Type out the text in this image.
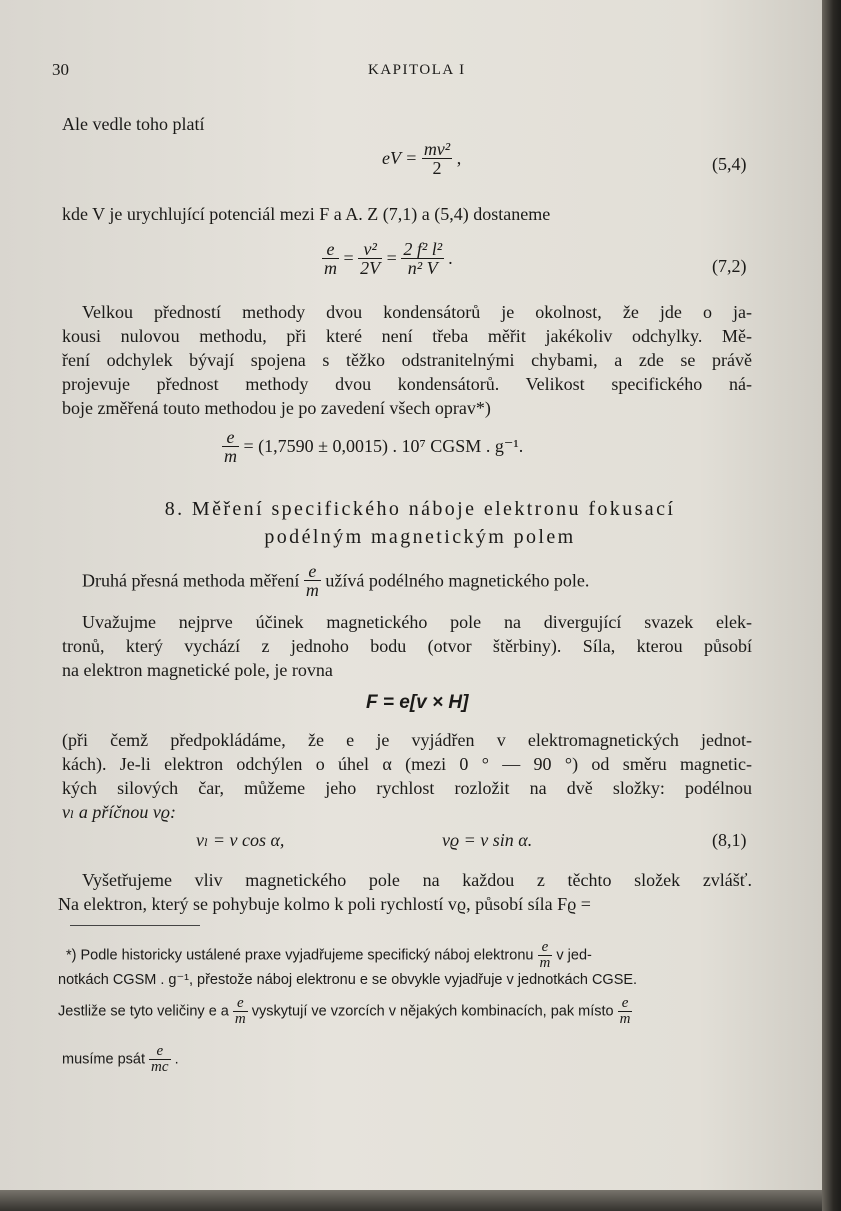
30	KAPITOLA I
Ale vedle toho platí
eV = $\frac{\text{mv²}}{2}$ ,	(5,4)
kde V je urychlující potenciál mezi F a A. Z (7,1) a (5,4) dostaneme
$\frac{e}{m} = \frac{\text{v²}}{2V} = \frac{\text{2 f² l²}}{\text{n² V}}$ .	(7,2)
Velkou předností methody dvou kondensátorů je okolnost, že jde o ja-
kousi nulovou methodu, při které není třeba měřit jakékoliv odchylky. Mě-
ření odchylek bývají spojena s těžko odstranitelnými chybami, a zde se právě
projevuje přednost methody dvou kondensátorů. Velikost specifického ná-
boje změřená touto methodou je po zavedení všech oprav*)
$\frac{e}{m} = (1,7590 \pm 0,0015)$ . 10⁷ CGSM . g⁻¹.
8. Měření specifického náboje elektronu fokusací
podélným magnetickým polem
Druhá přesná methoda měření $\frac{e}{m}$ užívá podélného magnetického pole.
Uvažujme nejprve účinek magnetického pole na divergující svazek elek-
tronů, který vychází z jednoho bodu (otvor štěrbiny). Síla, kterou působí
na elektron magnetické pole, je rovna
F = e[v × H]
(při čemž předpokládáme, že e je vyjádřen v elektromagnetických jednot-
kách). Je-li elektron odchýlen o úhel α (mezi 0 ° — 90 °) od směru magnetic-
kých silových čar, můžeme jeho rychlost rozložit na dvě složky: podélnou
vₗ a příčnou vϱ:
vₗ = v cos α,	vϱ = v sin α.	(8,1)
Vyšetřujeme vliv magnetického pole na každou z těchto složek zvlášť.
Na elektron, který se pohybuje kolmo k poli rychlostí vϱ, působí síla Fϱ =
*) Podle historicky ustálené praxe vyjadřujeme specifický náboj elektronu $\frac{e}{m}$ v jed-
notkách CGSM . g⁻¹, přestože náboj elektronu e se obvykle vyjadřuje v jednotkách CGSE.
Jestliže se tyto veličiny e a $\frac{e}{m}$ vyskytují ve vzorcích v nějakých kombinacích, pak místo $\frac{e}{m}$
musíme psát $\frac{e}{mc}$ .
